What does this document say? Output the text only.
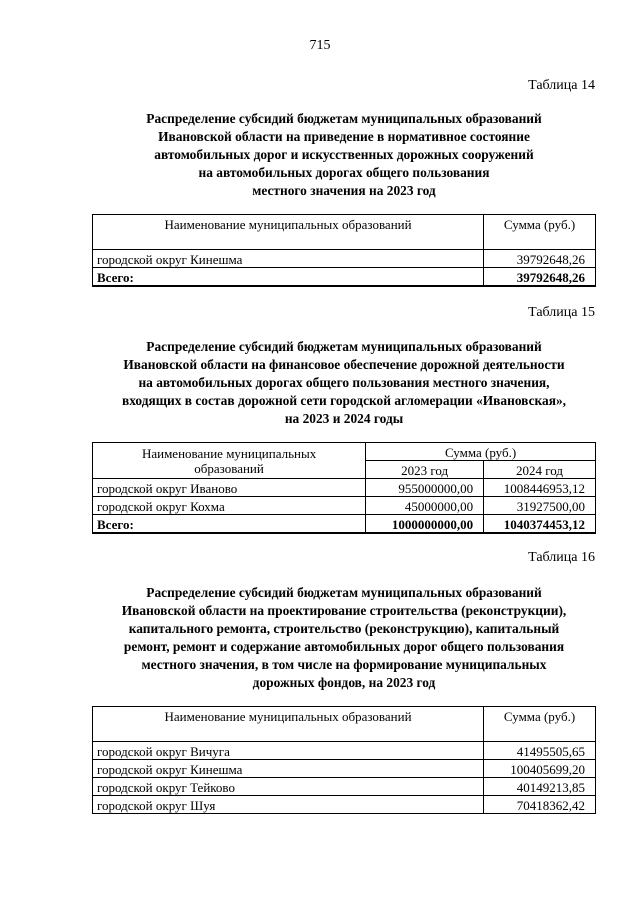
715
Таблица 14
Распределение субсидий бюджетам муниципальных образований
Ивановской области на приведение в нормативное состояние
автомобильных дорог и искусственных дорожных сооружений
на автомобильных дорогах общего пользования
местного значения на 2023 год
Наименование муниципальных образований	Сумма (руб.)
городской округ Кинешма	39792648,26
Всего:	39792648,26
Таблица 15
Распределение субсидий бюджетам муниципальных образований
Ивановской области на финансовое обеспечение дорожной деятельности
на автомобильных дорогах общего пользования местного значения,
входящих в состав дорожной сети городской агломерации «Ивановская»,
на 2023 и 2024 годы
Наименование муниципальных
образований	Сумма (руб.)	
	2023 год	2024 год
городской округ Иваново	955000000,00	1008446953,12
городской округ Кохма	45000000,00	31927500,00
Всего:	1000000000,00	1040374453,12
Таблица 16
Распределение субсидий бюджетам муниципальных образований
Ивановской области на проектирование строительства (реконструкции),
капитального ремонта, строительство (реконструкцию), капитальный
ремонт, ремонт и содержание автомобильных дорог общего пользования
местного значения, в том числе на формирование муниципальных
дорожных фондов, на 2023 год
Наименование муниципальных образований	Сумма (руб.)
городской округ Вичуга	41495505,65
городской округ Кинешма	100405699,20
городской округ Тейково	40149213,85
городской округ Шуя	70418362,42
